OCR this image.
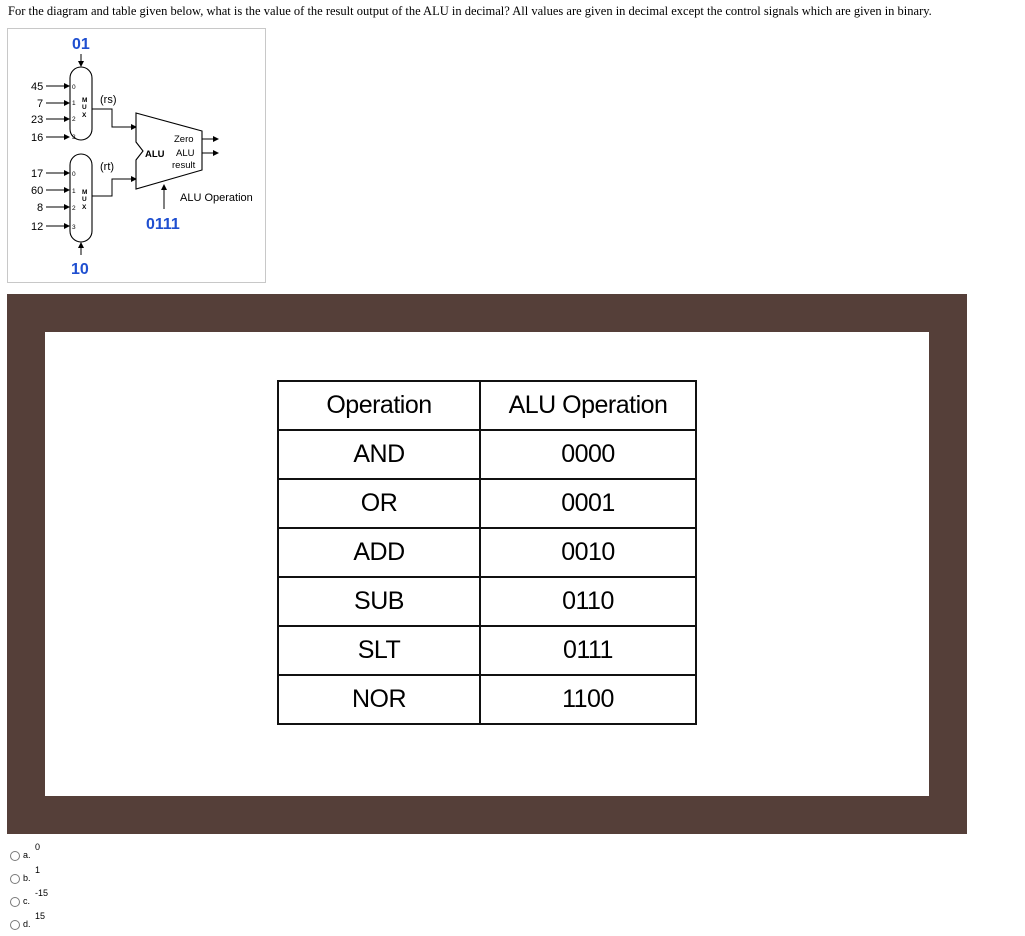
For the diagram and table given below, what is the value of the result output of the ALU in decimal? All values are given in decimal except the control signals which are given in binary.
01
M
U
X
45
7
23
16
0
1
2
3
(rs)
M
U
X
17
60
8
12
0
1
2
3
10
(rt)
ALU
Zero
ALU
result
ALU Operation
0111
Operation	ALU Operation
AND	0000
OR	0001
ADD	0010
SUB	0110
SLT	0111
NOR	1100
a.
0
b.
1
c.
-15
d.
15
